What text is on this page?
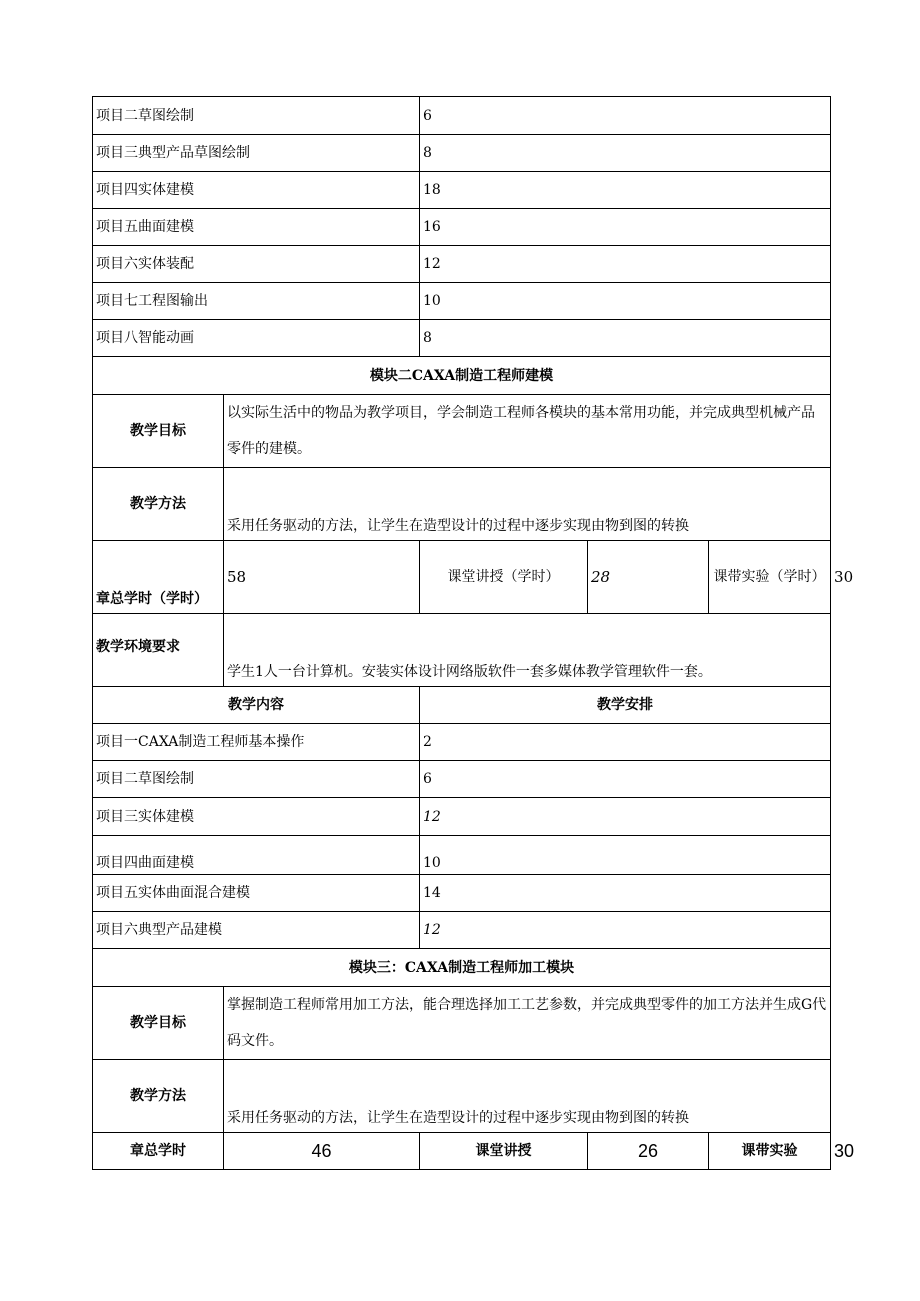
项目二草图绘制		6			
项目三典型产品草图绘制		8			
项目四实体建模		18			
项目五曲面建模		16			
项目六实体装配		12			
项目七工程图输出		10			
项目八智能动画		8			
模块二CAXA制造工程师建模					
教学目标	以实际生活中的物品为教学项目，学会制造工程师各模块的基本常用功能，并完成典型机械产品零件的建模。				
教学方法	采用任务驱动的方法，让学生在造型设计的过程中逐步实现由物到图的转换				
章总学时（学时）	58	课堂讲授（学时）	28	课带实验（学时）	30
教学环境要求	学生1人一台计算机。安装实体设计网络版软件一套多媒体教学管理软件一套。				
教学内容		教学安排			
项目一CAXA制造工程师基本操作		2			
项目二草图绘制		6			
项目三实体建模		12			
项目四曲面建模		10			
项目五实体曲面混合建模		14			
项目六典型产品建模		12			
模块三：CAXA制造工程师加工模块					
教学目标	掌握制造工程师常用加工方法，能合理选择加工工艺参数，并完成典型零件的加工方法并生成G代码文件。				
教学方法	采用任务驱动的方法，让学生在造型设计的过程中逐步实现由物到图的转换				
章总学时	46	课堂讲授	26	课带实验	30
